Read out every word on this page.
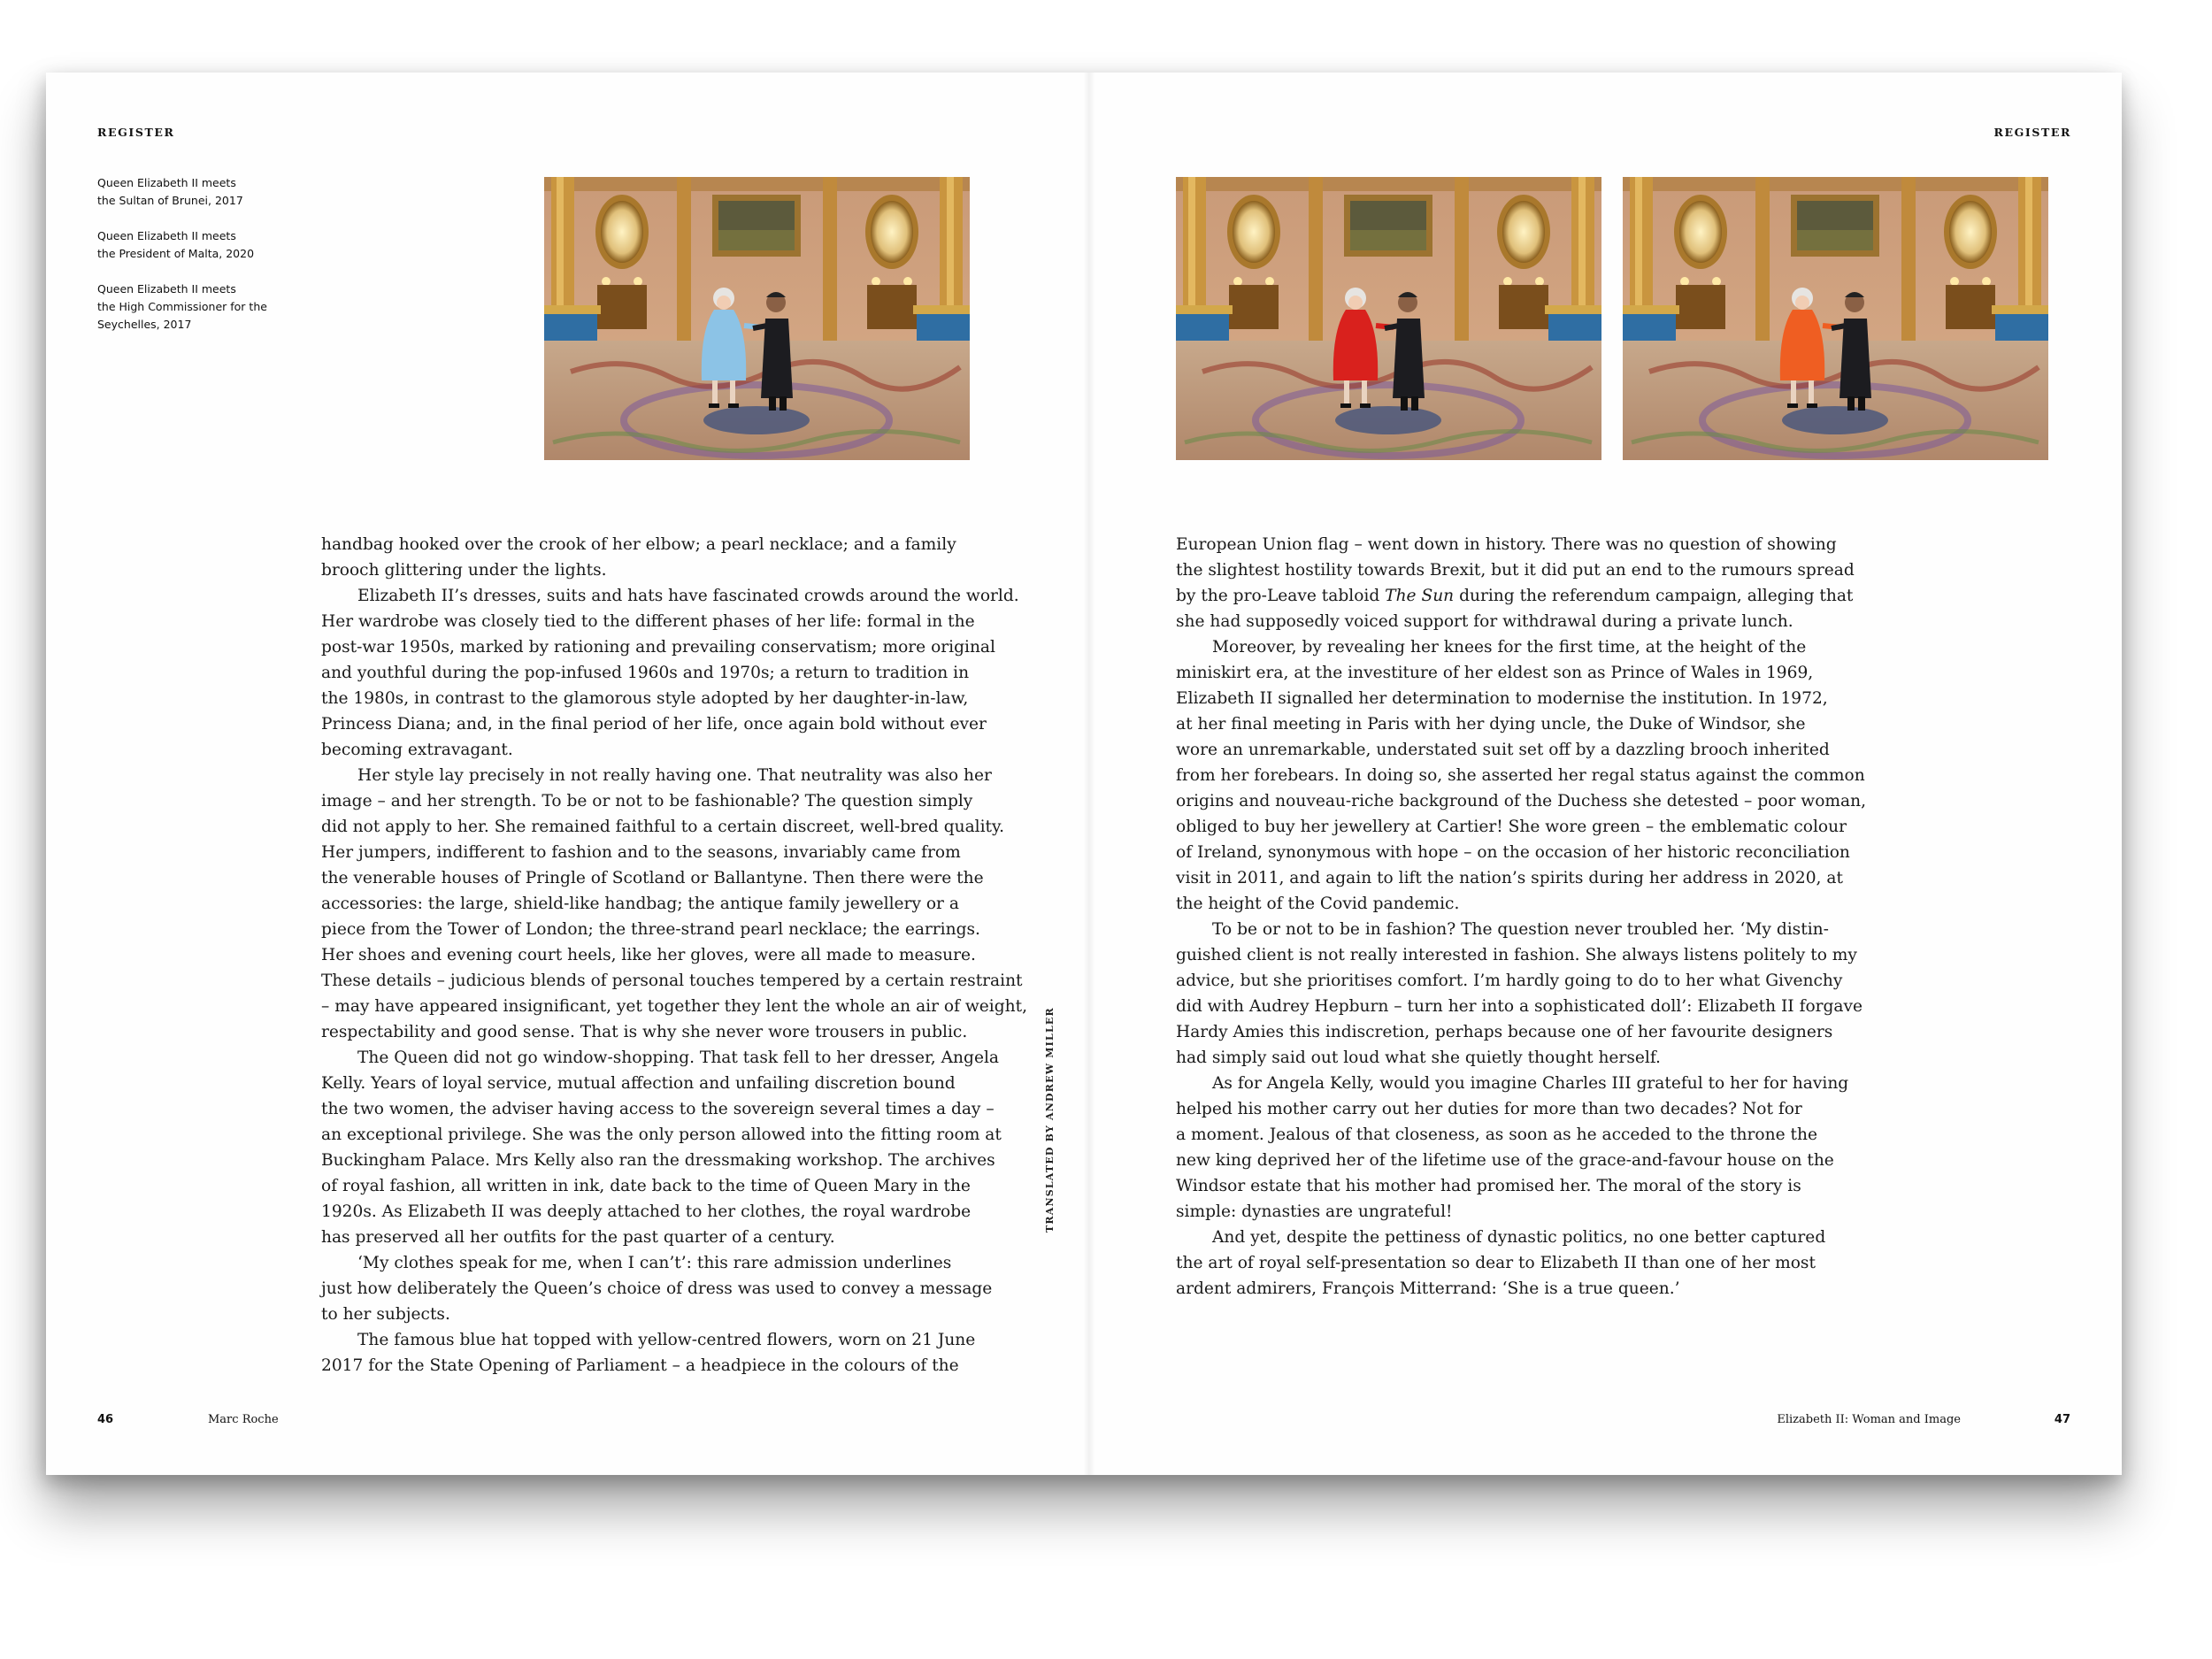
REGISTER
Queen Elizabeth II meets
the Sultan of Brunei, 2017
Queen Elizabeth II meets
the President of Malta, 2020
Queen Elizabeth II meets
the High Commissioner for the
Seychelles, 2017
handbag hooked over the crook of her elbow; a pearl necklace; and a family
brooch glittering under the lights.
Elizabeth II’s dresses, suits and hats have fascinated crowds around the world.
Her wardrobe was closely tied to the different phases of her life: formal in the
post-war 1950s, marked by rationing and prevailing conservatism; more original
and youthful during the pop-infused 1960s and 1970s; a return to tradition in
the 1980s, in contrast to the glamorous style adopted by her daughter-in-law,
Princess Diana; and, in the final period of her life, once again bold without ever
becoming extravagant.
Her style lay precisely in not really having one. That neutrality was also her
image – and her strength. To be or not to be fashionable? The question simply
did not apply to her. She remained faithful to a certain discreet, well-bred quality.
Her jumpers, indifferent to fashion and to the seasons, invariably came from
the venerable houses of Pringle of Scotland or Ballantyne. Then there were the
accessories: the large, shield-like handbag; the antique family jewellery or a
piece from the Tower of London; the three-strand pearl necklace; the earrings.
Her shoes and evening court heels, like her gloves, were all made to measure.
These details – judicious blends of personal touches tempered by a certain restraint
– may have appeared insignificant, yet together they lent the whole an air of weight,
respectability and good sense. That is why she never wore trousers in public.
The Queen did not go window-shopping. That task fell to her dresser, Angela
Kelly. Years of loyal service, mutual affection and unfailing discretion bound
the two women, the adviser having access to the sovereign several times a day –
an exceptional privilege. She was the only person allowed into the fitting room at
Buckingham Palace. Mrs Kelly also ran the dressmaking workshop. The archives
of royal fashion, all written in ink, date back to the time of Queen Mary in the
1920s. As Elizabeth II was deeply attached to her clothes, the royal wardrobe
has preserved all her outfits for the past quarter of a century.
‘My clothes speak for me, when I can’t’: this rare admission underlines
just how deliberately the Queen’s choice of dress was used to convey a message
to her subjects.
The famous blue hat topped with yellow-centred flowers, worn on 21 June
2017 for the State Opening of Parliament – a headpiece in the colours of the
46	Marc Roche
REGISTER
TRANSLATED BY ANDREW MILLER
European Union flag – went down in history. There was no question of showing
the slightest hostility towards Brexit, but it did put an end to the rumours spread
by the pro-Leave tabloid The Sun during the referendum campaign, alleging that
she had supposedly voiced support for withdrawal during a private lunch.
Moreover, by revealing her knees for the first time, at the height of the
miniskirt era, at the investiture of her eldest son as Prince of Wales in 1969,
Elizabeth II signalled her determination to modernise the institution. In 1972,
at her final meeting in Paris with her dying uncle, the Duke of Windsor, she
wore an unremarkable, understated suit set off by a dazzling brooch inherited
from her forebears. In doing so, she asserted her regal status against the common
origins and nouveau-riche background of the Duchess she detested – poor woman,
obliged to buy her jewellery at Cartier! She wore green – the emblematic colour
of Ireland, synonymous with hope – on the occasion of her historic reconciliation
visit in 2011, and again to lift the nation’s spirits during her address in 2020, at
the height of the Covid pandemic.
To be or not to be in fashion? The question never troubled her. ‘My distin-
guished client is not really interested in fashion. She always listens politely to my
advice, but she prioritises comfort. I’m hardly going to do to her what Givenchy
did with Audrey Hepburn – turn her into a sophisticated doll’: Elizabeth II forgave
Hardy Amies this indiscretion, perhaps because one of her favourite designers
had simply said out loud what she quietly thought herself.
As for Angela Kelly, would you imagine Charles III grateful to her for having
helped his mother carry out her duties for more than two decades? Not for
a moment. Jealous of that closeness, as soon as he acceded to the throne the
new king deprived her of the lifetime use of the grace-and-favour house on the
Windsor estate that his mother had promised her. The moral of the story is
simple: dynasties are ungrateful!
And yet, despite the pettiness of dynastic politics, no one better captured
the art of royal self-presentation so dear to Elizabeth II than one of her most
ardent admirers, François Mitterrand: ‘She is a true queen.’
Elizabeth II: Woman and Image	47
